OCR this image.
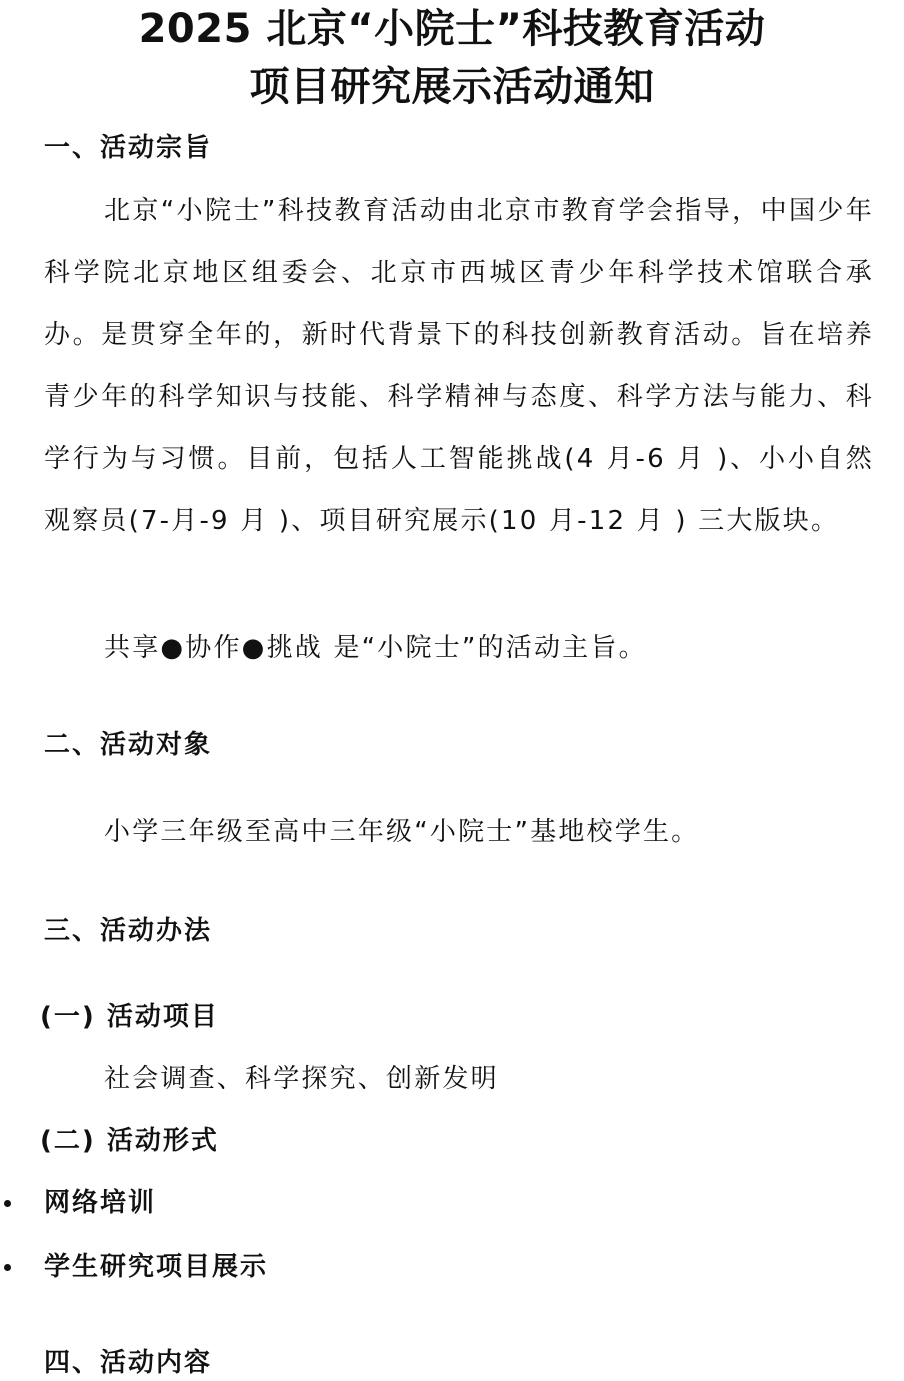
2025 北京“小院士”科技教育活动
项目研究展示活动通知
一、活动宗旨

北京“小院士”科技教育活动由北京市教育学会指导，中国少年科学院北京地区组委会、北京市西城区青少年科学技术馆联合承办。是贯穿全年的，新时代背景下的科技创新教育活动。旨在培养青少年的科学知识与技能、科学精神与态度、科学方法与能力、科学行为与习惯。目前，包括人工智能挑战(4 月-6 月 )、小小自然观察员(7-月-9 月 )、项目研究展示(10 月-12 月 ) 三大版块。

共享●协作●挑战 是“小院士”的活动主旨。
二、活动对象
小学三年级至高中三年级“小院士”基地校学生。
三、活动办法
(一) 活动项目
社会调查、科学探究、创新发明
(二) 活动形式
网络培训
学生研究项目展示
四、活动内容
